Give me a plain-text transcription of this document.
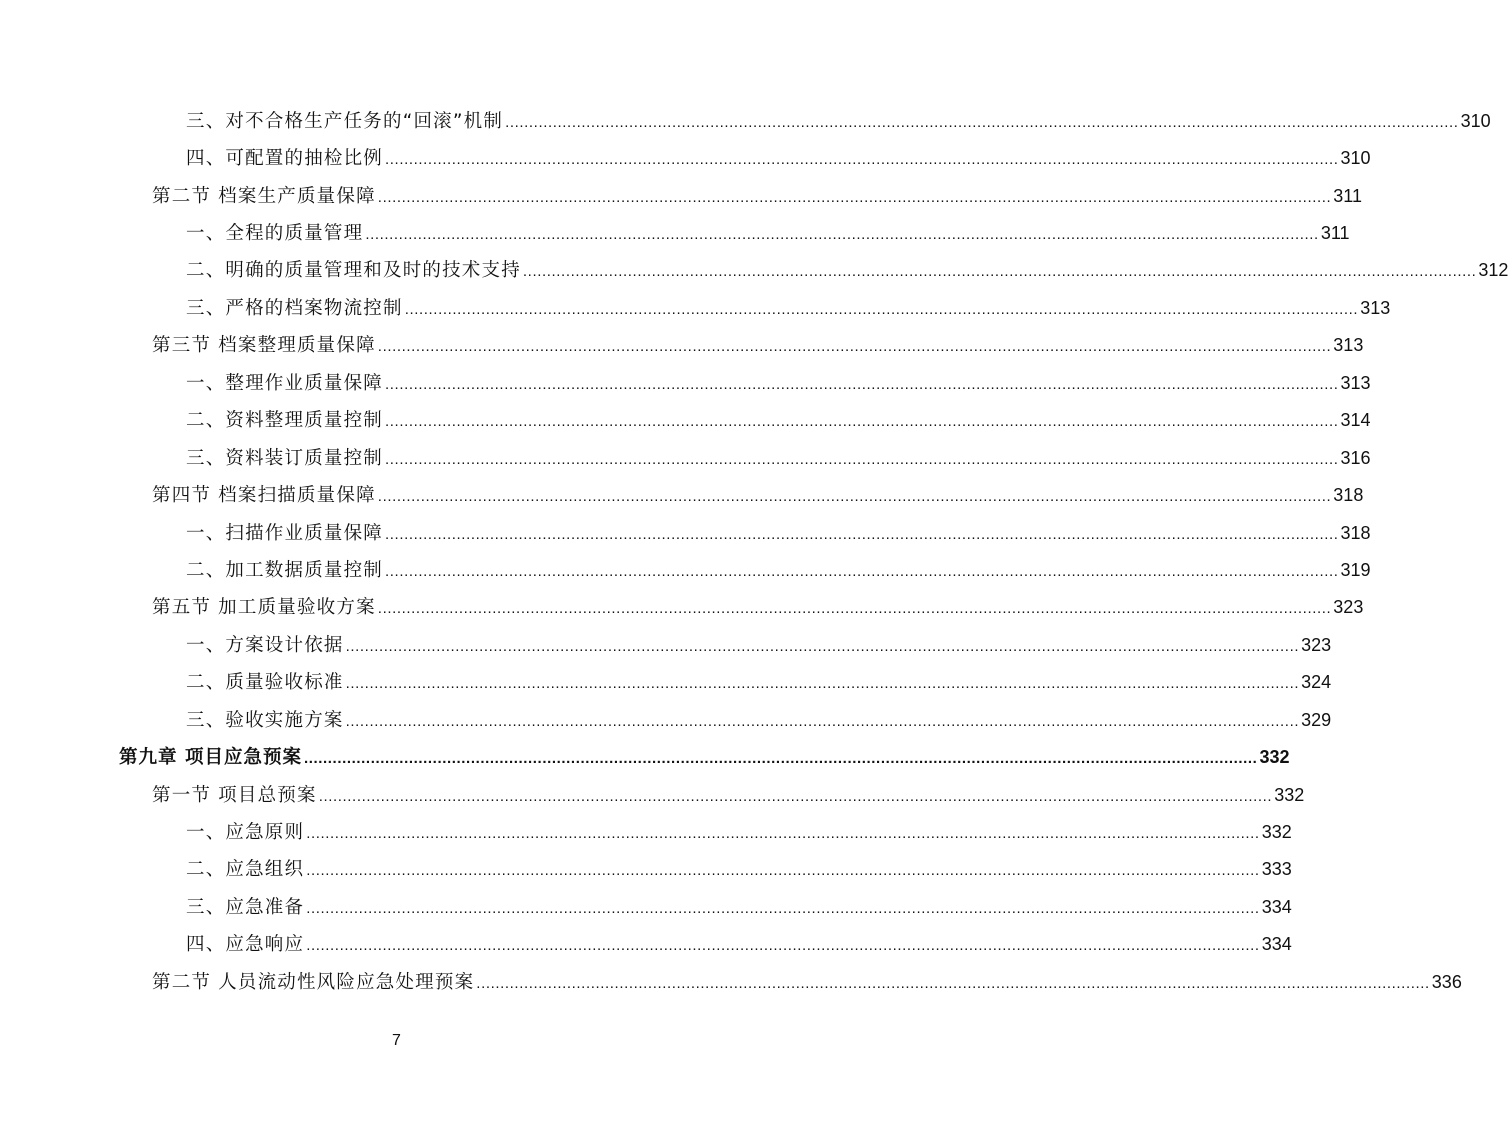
三、对不合格生产任务的“回滚”机制 ........................................................................................................................................................................................................ 310
四、可配置的抽检比例 ........................................................................................................................................................................................................ 310
第二节 档案生产质量保障 ........................................................................................................................................................................................................ 311
一、全程的质量管理 ........................................................................................................................................................................................................ 311
二、明确的质量管理和及时的技术支持 ........................................................................................................................................................................................................ 312
三、严格的档案物流控制 ........................................................................................................................................................................................................ 313
第三节 档案整理质量保障 ........................................................................................................................................................................................................ 313
一、整理作业质量保障 ........................................................................................................................................................................................................ 313
二、资料整理质量控制 ........................................................................................................................................................................................................ 314
三、资料装订质量控制 ........................................................................................................................................................................................................ 316
第四节 档案扫描质量保障 ........................................................................................................................................................................................................ 318
一、扫描作业质量保障 ........................................................................................................................................................................................................ 318
二、加工数据质量控制 ........................................................................................................................................................................................................ 319
第五节 加工质量验收方案 ........................................................................................................................................................................................................ 323
一、方案设计依据 ........................................................................................................................................................................................................ 323
二、质量验收标准 ........................................................................................................................................................................................................ 324
三、验收实施方案 ........................................................................................................................................................................................................ 329
第九章 项目应急预案 ........................................................................................................................................................................................................ 332
第一节 项目总预案 ........................................................................................................................................................................................................ 332
一、应急原则 ........................................................................................................................................................................................................ 332
二、应急组织 ........................................................................................................................................................................................................ 333
三、应急准备 ........................................................................................................................................................................................................ 334
四、应急响应 ........................................................................................................................................................................................................ 334
第二节 人员流动性风险应急处理预案 ........................................................................................................................................................................................................ 336
7
